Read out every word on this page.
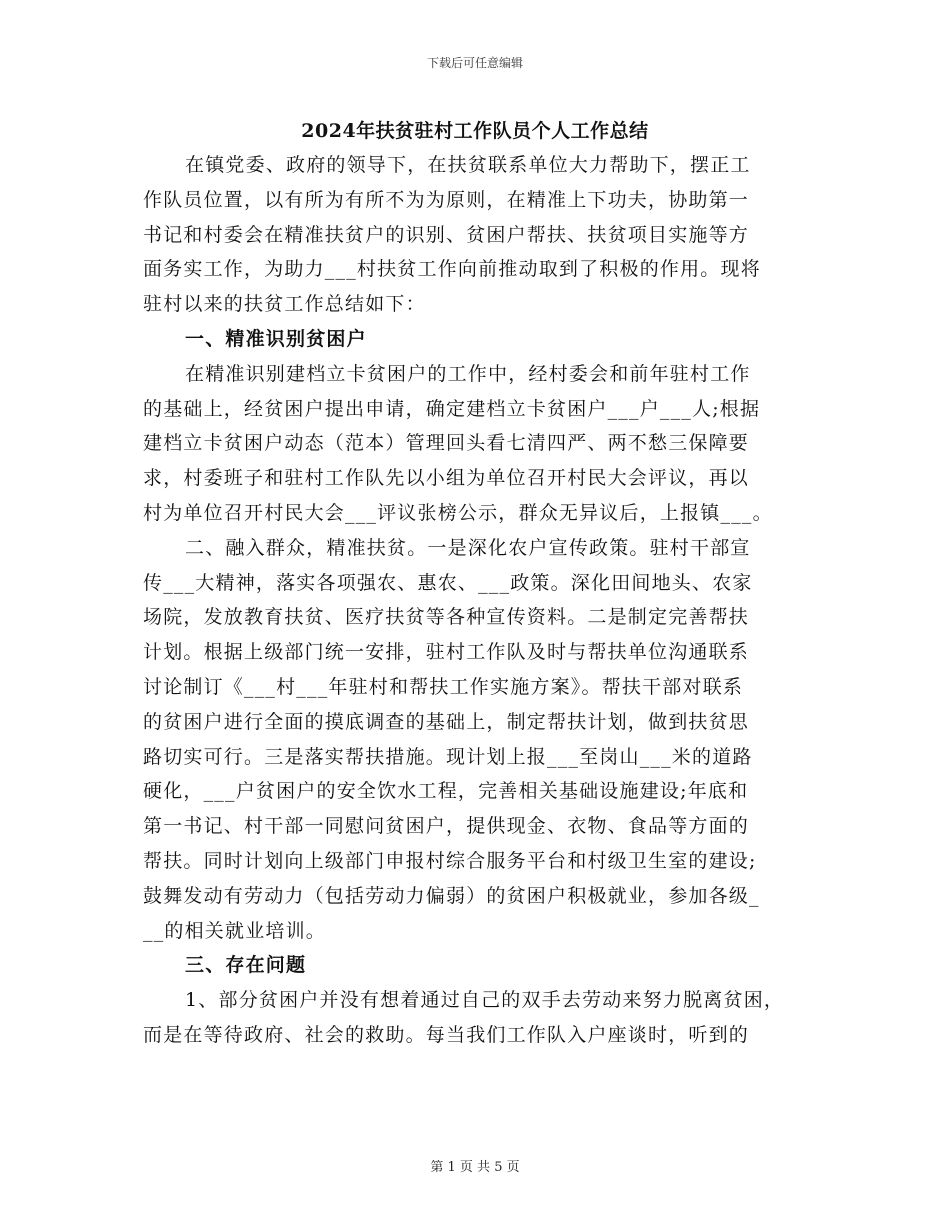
下载后可任意编辑
2024年扶贫驻村工作队员个人工作总结
在镇党委、政府的领导下，在扶贫联系单位大力帮助下，摆正工
作队员位置，以有所为有所不为为原则，在精准上下功夫，协助第一
书记和村委会在精准扶贫户的识别、贫困户帮扶、扶贫项目实施等方
面务实工作，为助力___村扶贫工作向前推动取到了积极的作用。现将
驻村以来的扶贫工作总结如下：
一、精准识别贫困户
在精准识别建档立卡贫困户的工作中，经村委会和前年驻村工作
的基础上，经贫困户提出申请，确定建档立卡贫困户___户___人;根据
建档立卡贫困户动态（范本）管理回头看七清四严、两不愁三保障要
求，村委班子和驻村工作队先以小组为单位召开村民大会评议，再以
村为单位召开村民大会___评议张榜公示，群众无异议后，上报镇___。
二、融入群众，精准扶贫。一是深化农户宣传政策。驻村干部宣
传___大精神，落实各项强农、惠农、___政策。深化田间地头、农家
场院，发放教育扶贫、医疗扶贫等各种宣传资料。二是制定完善帮扶
计划。根据上级部门统一安排，驻村工作队及时与帮扶单位沟通联系
讨论制订《___村___年驻村和帮扶工作实施方案》。帮扶干部对联系
的贫困户进行全面的摸底调查的基础上，制定帮扶计划，做到扶贫思
路切实可行。三是落实帮扶措施。现计划上报___至岗山___米的道路
硬化，___户贫困户的安全饮水工程，完善相关基础设施建设;年底和
第一书记、村干部一同慰问贫困户，提供现金、衣物、食品等方面的
帮扶。同时计划向上级部门申报村综合服务平台和村级卫生室的建设;
鼓舞发动有劳动力（包括劳动力偏弱）的贫困户积极就业，参加各级_
__的相关就业培训。
三、存在问题
1、部分贫困户并没有想着通过自己的双手去劳动来努力脱离贫困，
而是在等待政府、社会的救助。每当我们工作队入户座谈时，听到的
第 1 页 共 5 页
